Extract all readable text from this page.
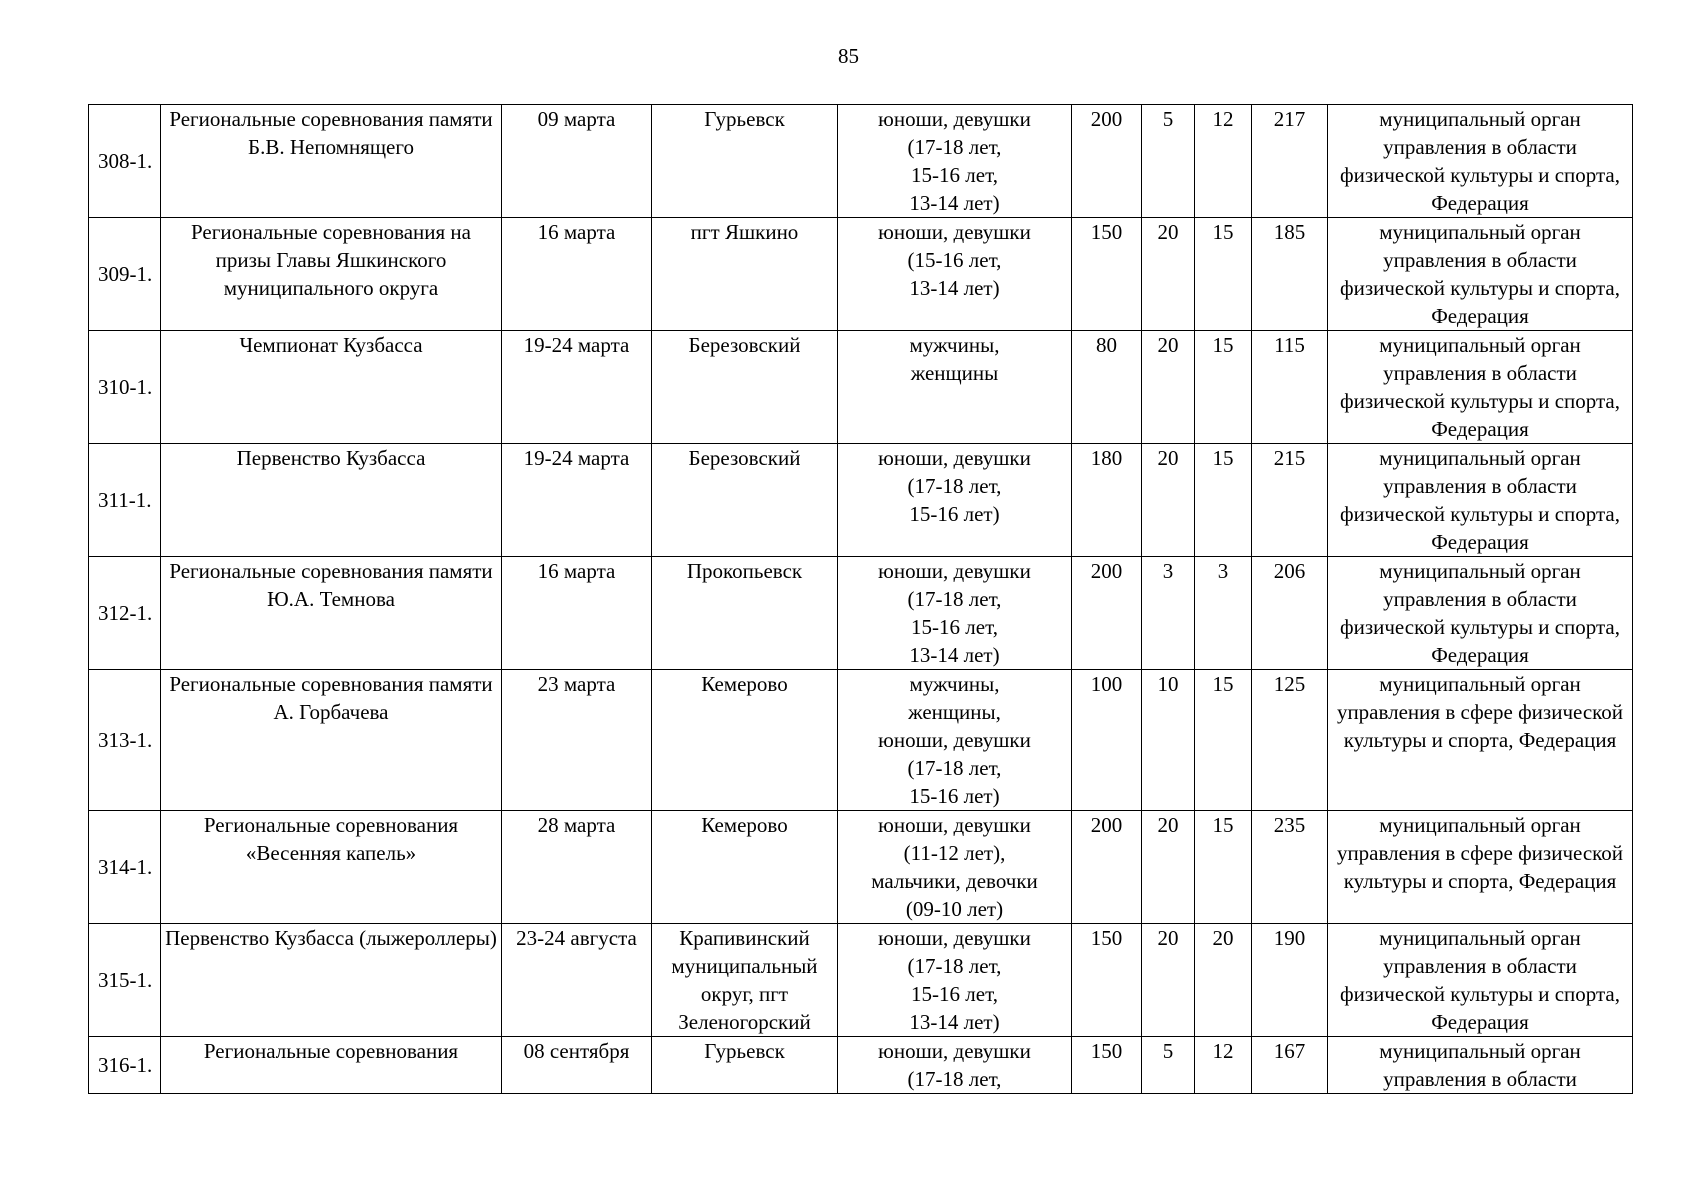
85
308-1.	Региональные соревнования памяти Б.В. Непомнящего	09 марта	Гурьевск	юноши, девушки
(17-18 лет,
15-16 лет,
13-14 лет)	200	5	12	217	муниципальный орган управления в области физической культуры и спорта, Федерация
309-1.	Региональные соревнования на призы Главы Яшкинского муниципального округа	16 марта	пгт Яшкино	юноши, девушки
(15-16 лет,
13-14 лет)	150	20	15	185	муниципальный орган управления в области физической культуры и спорта, Федерация
310-1.	Чемпионат Кузбасса	19-24 марта	Березовский	мужчины,
женщины	80	20	15	115	муниципальный орган управления в области физической культуры и спорта, Федерация
311-1.	Первенство Кузбасса	19-24 марта	Березовский	юноши, девушки
(17-18 лет,
15-16 лет)	180	20	15	215	муниципальный орган управления в области физической культуры и спорта, Федерация
312-1.	Региональные соревнования памяти Ю.А. Темнова	16 марта	Прокопьевск	юноши, девушки
(17-18 лет,
15-16 лет,
13-14 лет)	200	3	3	206	муниципальный орган управления в области физической культуры и спорта, Федерация
313-1.	Региональные соревнования памяти А. Горбачева	23 марта	Кемерово	мужчины,
женщины,
юноши, девушки
(17-18 лет,
15-16 лет)	100	10	15	125	муниципальный орган управления в сфере физической культуры и спорта, Федерация
314-1.	Региональные соревнования «Весенняя капель»	28 марта	Кемерово	юноши, девушки
(11-12 лет),
мальчики, девочки
(09-10 лет)	200	20	15	235	муниципальный орган управления в сфере физической культуры и спорта, Федерация
315-1.	Первенство Кузбасса (лыжероллеры)	23-24 августа	Крапивинский муниципальный округ, пгт Зеленогорский	юноши, девушки
(17-18 лет,
15-16 лет,
13-14 лет)	150	20	20	190	муниципальный орган управления в области физической культуры и спорта, Федерация
316-1.	Региональные соревнования	08 сентября	Гурьевск	юноши, девушки
(17-18 лет,	150	5	12	167	муниципальный орган управления в области
